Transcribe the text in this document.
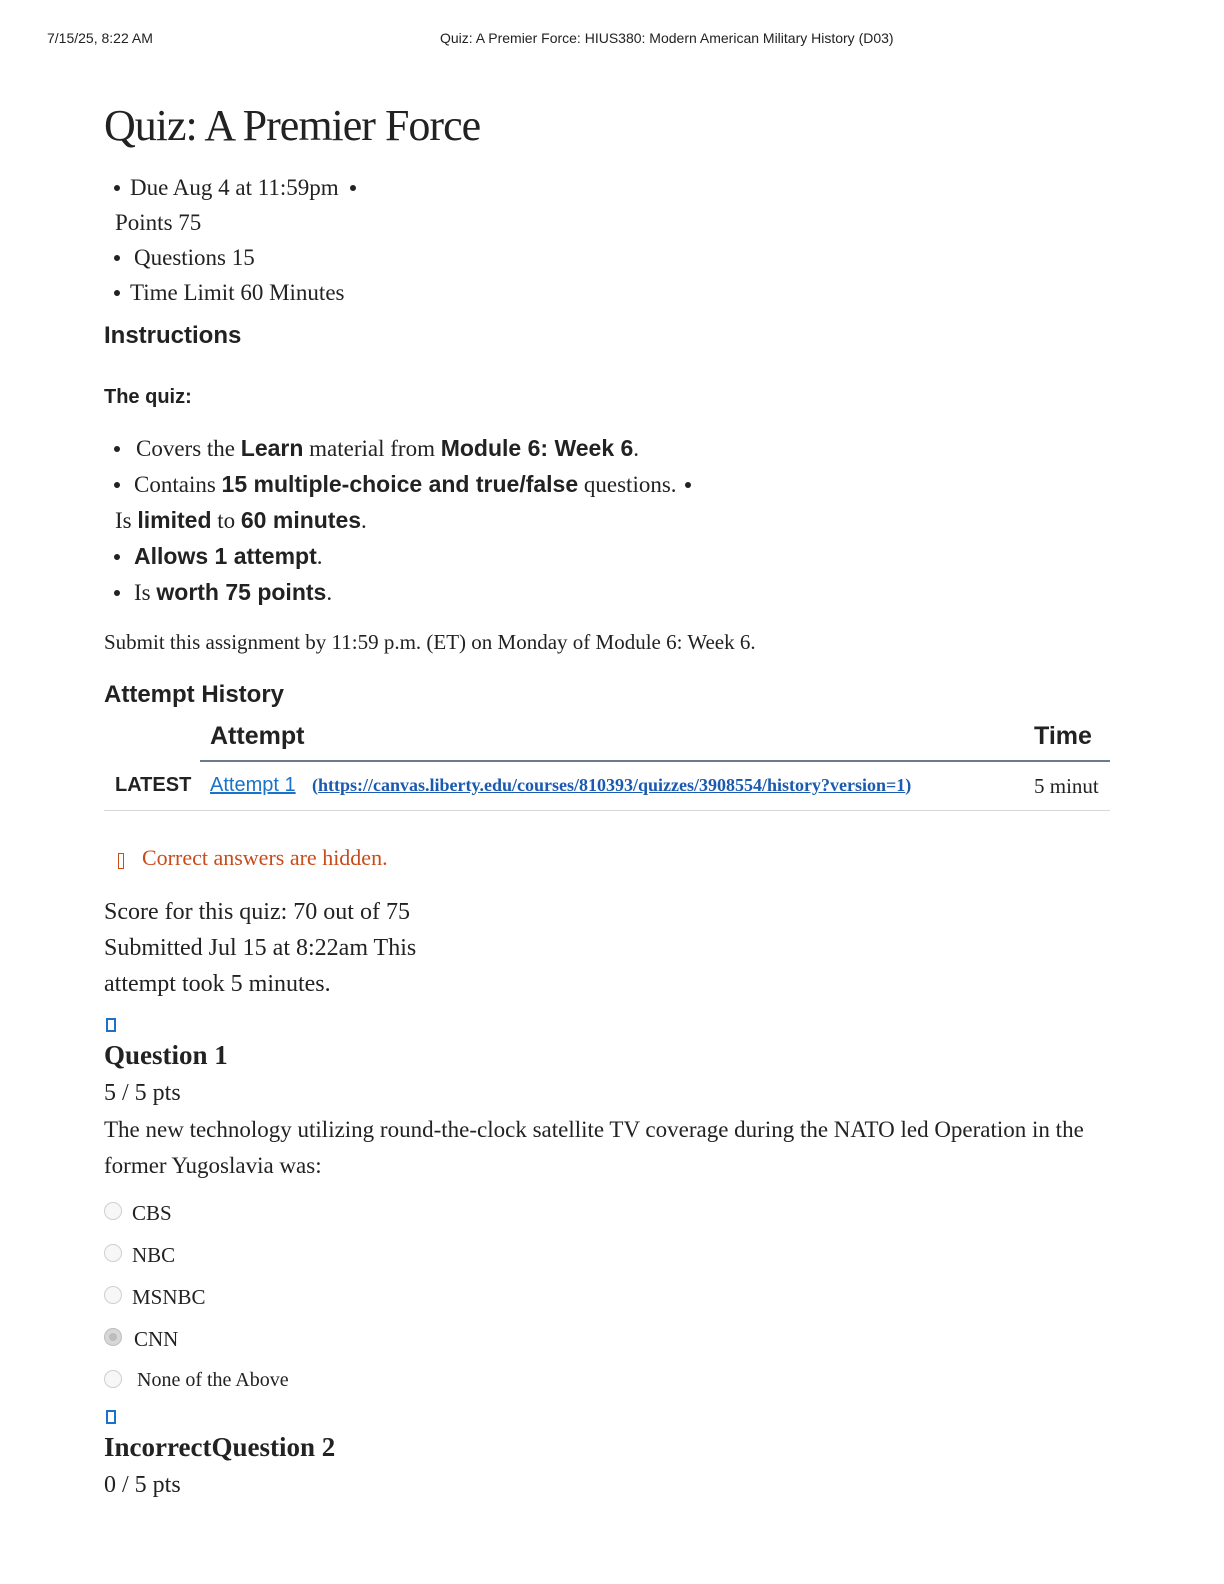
7/15/25, 8:22 AM	Quiz: A Premier Force: HIUS380: Modern American Military History (D03)
Quiz: A Premier Force
Due Aug 4 at 11:59pm
Points 75
Questions 15
Time Limit 60 Minutes
Instructions
The quiz:
Covers the Learn material from Module 6: Week 6.
Contains 15 multiple-choice and true/false questions.
Is limited to 60 minutes.
Allows 1 attempt.
Is worth 75 points.
Submit this assignment by 11:59 p.m. (ET) on Monday of Module 6: Week 6.
Attempt History
Attempt	Time
LATEST Attempt 1 (https://canvas.liberty.edu/courses/810393/quizzes/3908554/history?version=1)	5 minut
Correct answers are hidden.
Score for this quiz: 70 out of 75
Submitted Jul 15 at 8:22am This
attempt took 5 minutes.
Question 1
5 / 5 pts
The new technology utilizing round-the-clock satellite TV coverage during the NATO led Operation in the former Yugoslavia was:
CBS
NBC
MSNBC
CNN
None of the Above
IncorrectQuestion 2
0 / 5 pts
